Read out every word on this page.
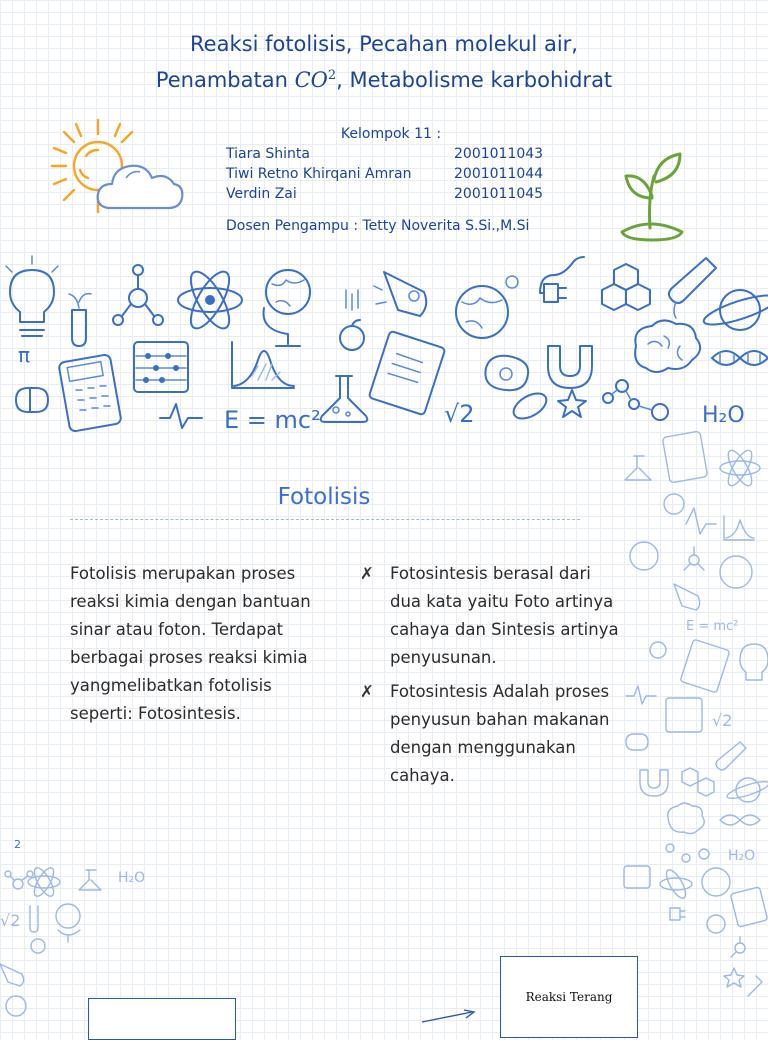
Reaksi fotolisis, Pecahan molekul air,
Penambatan $CO^2$, Metabolisme karbohidrat
Kelompok 11 :
Tiara Shinta	2001011043
Tiwi Retno Khirqani Amran	2001011044
Verdin Zai	2001011045
Dosen Pengampu : Tetty Noverita S.Si.,M.Si
π
E = mc²	√2	H₂O
E = mc²
√2
H₂O
H₂O
√2
Fotolisis
Fotolisis merupakan proses reaksi kimia dengan bantuan sinar atau foton. Terdapat berbagai proses reaksi kimia yangmelibatkan fotolisis seperti: Fotosintesis.
✗ Fotosintesis berasal dari dua kata yaitu Foto artinya cahaya dan Sintesis artinya penyusunan.
✗ Fotosintesis Adalah proses penyusun bahan makanan dengan menggunakan cahaya.
2
Reaksi Terang
